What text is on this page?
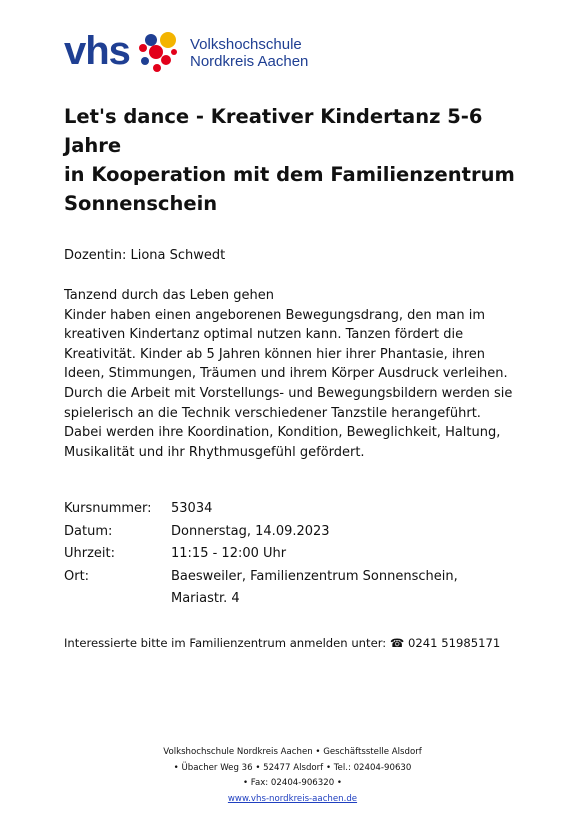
vhs	Volkshochschule
Nordkreis Aachen
Let's dance - Kreativer Kindertanz 5-6
Jahre
in Kooperation mit dem Familienzentrum
Sonnenschein
Dozentin: Liona Schwedt
Tanzend durch das Leben gehen
Kinder haben einen angeborenen Bewegungsdrang, den man im
kreativen Kindertanz optimal nutzen kann. Tanzen fördert die
Kreativität. Kinder ab 5 Jahren können hier ihrer Phantasie, ihren
Ideen, Stimmungen, Träumen und ihrem Körper Ausdruck verleihen.
Durch die Arbeit mit Vorstellungs- und Bewegungsbildern werden sie
spielerisch an die Technik verschiedener Tanzstile herangeführt.
Dabei werden ihre Koordination, Kondition, Beweglichkeit, Haltung,
Musikalität und ihr Rhythmusgefühl gefördert.
Kursnummer:	53034
Datum:	Donnerstag, 14.09.2023
Uhrzeit:	11:15 - 12:00 Uhr
Ort:	Baesweiler, Familienzentrum Sonnenschein,
Mariastr. 4
Interessierte bitte im Familienzentrum anmelden unter: ☎ 0241 51985171
Volkshochschule Nordkreis Aachen • Geschäftsstelle Alsdorf
• Übacher Weg 36 • 52477 Alsdorf • Tel.: 02404-90630
• Fax: 02404-906320 •
www.vhs-nordkreis-aachen.de
